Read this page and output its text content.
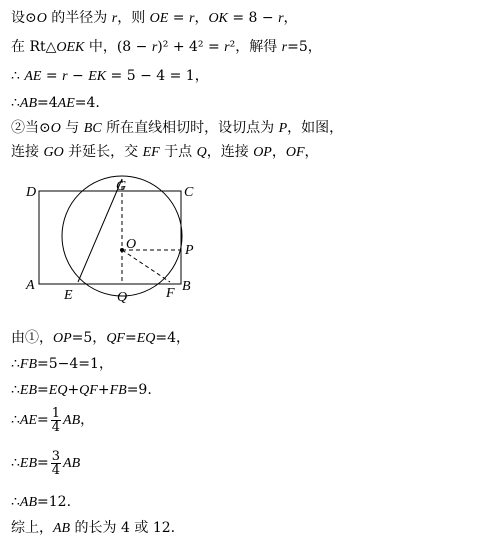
设⊙O 的半径为 r，则 OE = r，OK = 8 − r，
在 Rt△OEK 中，(8 − r)² + 4² = r²，解得 r=5，
∴ AE = r − EK = 5 − 4 = 1，
∴AB=4AE=4.
②当⊙O 与 BC 所在直线相切时，设切点为 P，如图，
连接 GO 并延长，交 EF 于点 Q，连接 OP，OF，
D	G	C
O	P
A
E	Q	F B
由①，OP=5，QF=EQ=4，
∴FB=5−4=1，
∴EB=EQ+QF+FB=9.
∴AE= $\frac{1}{4}$ AB，
∴EB= $\frac{3}{4}$ AB
∴AB=12.
综上，AB 的长为 4 或 12.
